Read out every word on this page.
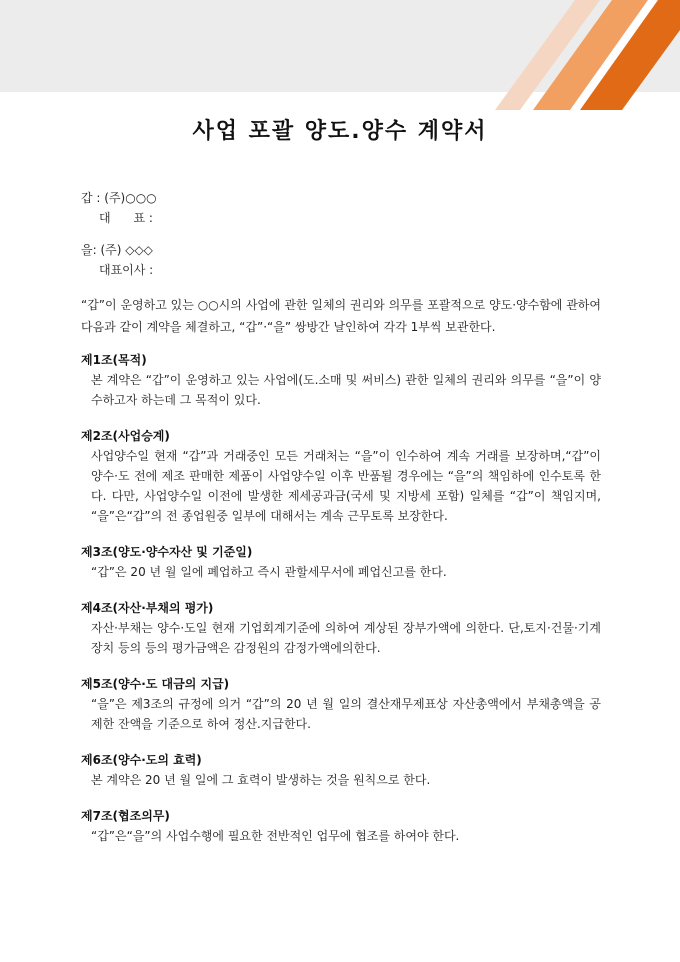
사업 포괄 양도.양수 계약서
갑 : (주)○○○
대      표 :
을: (주) ◇◇◇
대표이사 :
“갑”이 운영하고 있는 ○○시의 사업에 관한 일체의 권리와 의무를 포괄적으로 양도·양수함에 관하여 다음과 같이 계약을 체결하고, “갑”·“을” 쌍방간 날인하여 각각 1부씩 보관한다.
제1조(목적)

본 계약은 “갑”이 운영하고 있는 사업에(도.소매 및 써비스) 관한 일체의 권리와 의무를 “을”이 양수하고자 하는데 그 목적이 있다.

제2조(사업승계)

사업양수일 현재 “갑”과 거래중인 모든 거래처는 “을”이 인수하여 계속 거래를 보장하며,“갑”이 양수·도 전에 제조 판매한 제품이 사업양수일 이후 반품될 경우에는 “을”의 책임하에 인수토록 한다. 다만, 사업양수일 이전에 발생한 제세공과금(국세 및 지방세 포함) 일체를 “갑”이 책임지며, “을”은“갑”의 전 종업원중 일부에 대해서는 계속 근무토록 보장한다.

제3조(양도·양수자산 및 기준일)

“갑”은 20 년 월 일에 폐업하고 즉시 관할세무서에 폐업신고를 한다.

제4조(자산·부채의 평가)

자산·부채는 양수·도일 현재 기업회계기준에 의하여 계상된 장부가액에 의한다. 단,토지·건물·기계장치 등의 등의 평가금액은 감정원의 감정가액에의한다.

제5조(양수·도 대금의 지급)

“을”은 제3조의 규정에 의거 “갑”의 20 년 월 일의 결산재무제표상 자산총액에서 부채총액을 공제한 잔액을 기준으로 하여 정산.지급한다.

제6조(양수·도의 효력)

본 계약은 20 년 월 일에 그 효력이 발생하는 것을 원칙으로 한다.

제7조(협조의무)

“갑”은“을”의 사업수행에 필요한 전반적인 업무에 협조를 하여야 한다.
